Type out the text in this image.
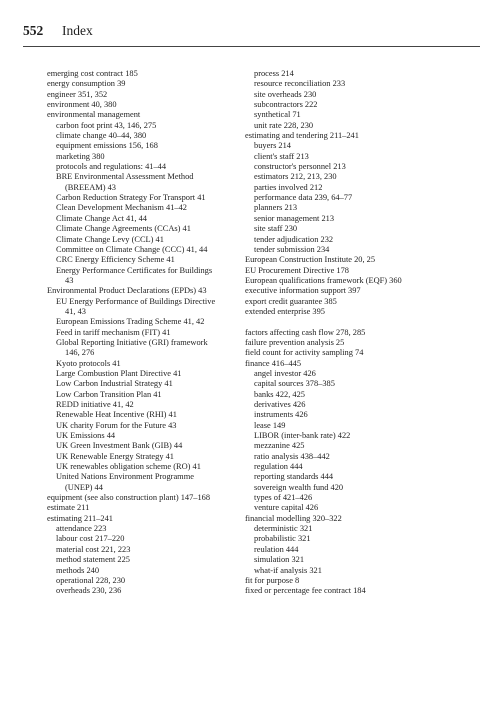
552 Index
emerging cost contract 185
energy consumption 39
engineer 351, 352
environment 40, 380
environmental management
carbon foot print 43, 146, 275
climate change 40–44, 380
equipment emissions 156, 168
marketing 380
protocols and regulations: 41–44
BRE Environmental Assessment Method
(BREEAM) 43
Carbon Reduction Strategy For Transport 41
Clean Development Mechanism 41–42
Climate Change Act 41, 44
Climate Change Agreements (CCAs) 41
Climate Change Levy (CCL) 41
Committee on Climate Change (CCC) 41, 44
CRC Energy Efficiency Scheme 41
Energy Performance Certificates for Buildings
43
Environmental Product Declarations (EPDs) 43
EU Energy Performance of Buildings Directive
41, 43
European Emissions Trading Scheme 41, 42
Feed in tariff mechanism (FIT) 41
Global Reporting Initiative (GRI) framework
146, 276
Kyoto protocols 41
Large Combustion Plant Directive 41
Low Carbon Industrial Strategy 41
Low Carbon Transition Plan 41
REDD initiative 41, 42
Renewable Heat Incentive (RHI) 41
UK charity Forum for the Future 43
UK Emissions 44
UK Green Investment Bank (GIB) 44
UK Renewable Energy Strategy 41
UK renewables obligation scheme (RO) 41
United Nations Environment Programme
(UNEP) 44
equipment (see also construction plant) 147–168
estimate 211
estimating 211–241
attendance 223
labour cost 217–220
material cost 221, 223
method statement 225
methods 240
operational 228, 230
overheads 230, 236
process 214
resource reconciliation 233
site overheads 230
subcontractors 222
synthetical 71
unit rate 228, 230
estimating and tendering 211–241
buyers 214
client's staff 213
constructor's personnel 213
estimators 212, 213, 230
parties involved 212
performance data 239, 64–77
planners 213
senior management 213
site staff 230
tender adjudication 232
tender submission 234
European Construction Institute 20, 25
EU Procurement Directive 178
European qualifications framework (EQF) 360
executive information support 397
export credit guarantee 385
extended enterprise 395
factors affecting cash flow 278, 285
failure prevention analysis 25
field count for activity sampling 74
finance 416–445
angel investor 426
capital sources 378–385
banks 422, 425
derivatives 426
instruments 426
lease 149
LIBOR (inter-bank rate) 422
mezzanine 425
ratio analysis 438–442
regulation 444
reporting standards 444
sovereign wealth fund 420
types of 421–426
venture capital 426
financial modelling 320–322
deterministic 321
probabilistic 321
reulation 444
simulation 321
what-if analysis 321
fit for purpose 8
fixed or percentage fee contract 184
